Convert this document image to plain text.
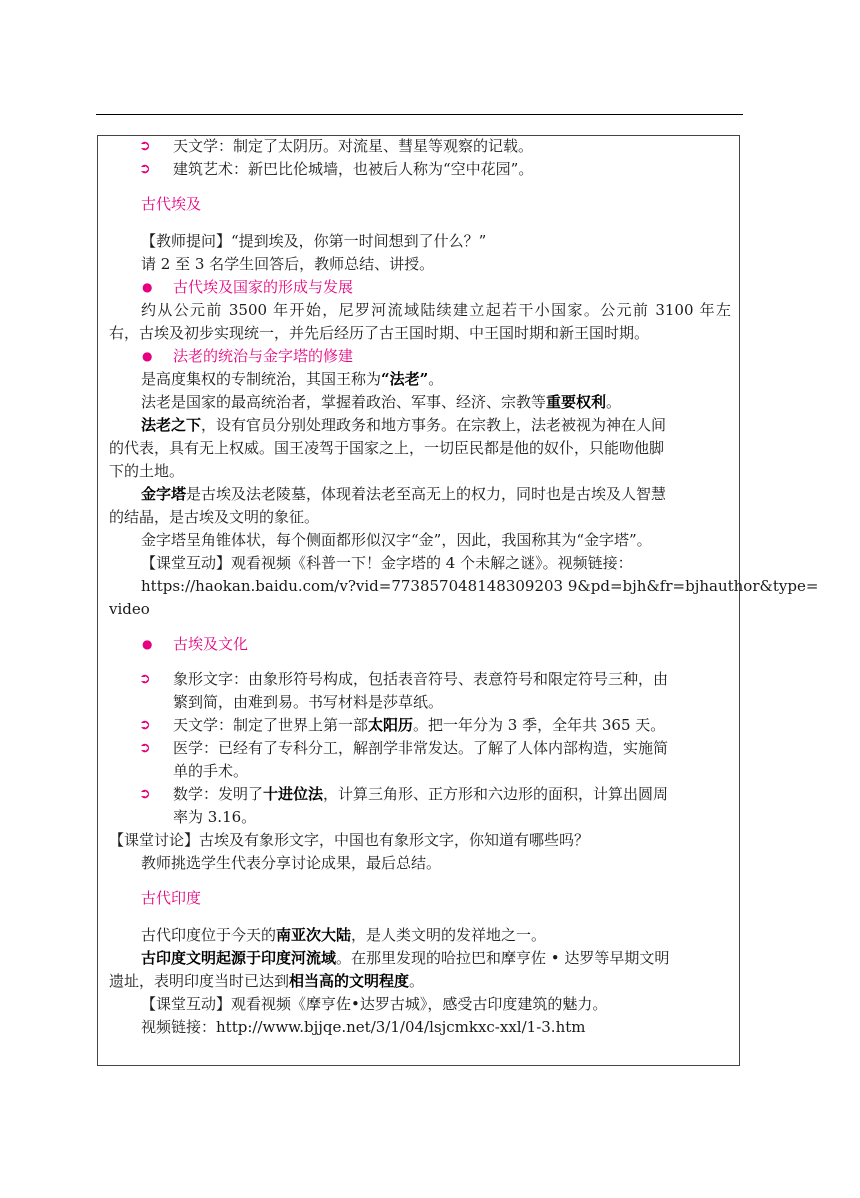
➲ 天文学：制定了太阴历。对流星、彗星等观察的记载。
➲ 建筑艺术：新巴比伦城墙，也被后人称为“空中花园”。
古代埃及
【教师提问】“提到埃及，你第一时间想到了什么？”
请 2 至 3 名学生回答后，教师总结、讲授。
● 古代埃及国家的形成与发展
约从公元前 3500 年开始，尼罗河流域陆续建立起若干小国家。公元前 3100 年左
右，古埃及初步实现统一，并先后经历了古王国时期、中王国时期和新王国时期。
● 法老的统治与金字塔的修建
是高度集权的专制统治，其国王称为“法老”。
法老是国家的最高统治者，掌握着政治、军事、经济、宗教等重要权利。
法老之下，设有官员分别处理政务和地方事务。在宗教上，法老被视为神在人间
的代表，具有无上权威。国王凌驾于国家之上，一切臣民都是他的奴仆，只能吻他脚
下的土地。
金字塔是古埃及法老陵墓，体现着法老至高无上的权力，同时也是古埃及人智慧
的结晶，是古埃及文明的象征。
金字塔呈角锥体状，每个侧面都形似汉字“金”，因此，我国称其为“金字塔”。
【课堂互动】观看视频《科普一下！金字塔的 4 个未解之谜》。视频链接：
https://haokan.baidu.com/v?vid=773857048148309203 9&pd=bjh&fr=bjhauthor&type=
video
● 古埃及文化
➲ 象形文字：由象形符号构成，包括表音符号、表意符号和限定符号三种，由
繁到简，由难到易。书写材料是莎草纸。
➲ 天文学：制定了世界上第一部太阳历。把一年分为 3 季，全年共 365 天。
➲ 医学：已经有了专科分工，解剖学非常发达。了解了人体内部构造，实施简
单的手术。
➲ 数学：发明了十进位法，计算三角形、正方形和六边形的面积，计算出圆周
率为 3.16。
【课堂讨论】古埃及有象形文字，中国也有象形文字，你知道有哪些吗？
教师挑选学生代表分享讨论成果，最后总结。
古代印度
古代印度位于今天的南亚次大陆，是人类文明的发祥地之一。
古印度文明起源于印度河流域。在那里发现的哈拉巴和摩亨佐 • 达罗等早期文明
遗址，表明印度当时已达到相当高的文明程度。
【课堂互动】观看视频《摩亨佐•达罗古城》，感受古印度建筑的魅力。
视频链接：http://www.bjjqe.net/3/1/04/lsjcmkxc-xxl/1-3.htm
